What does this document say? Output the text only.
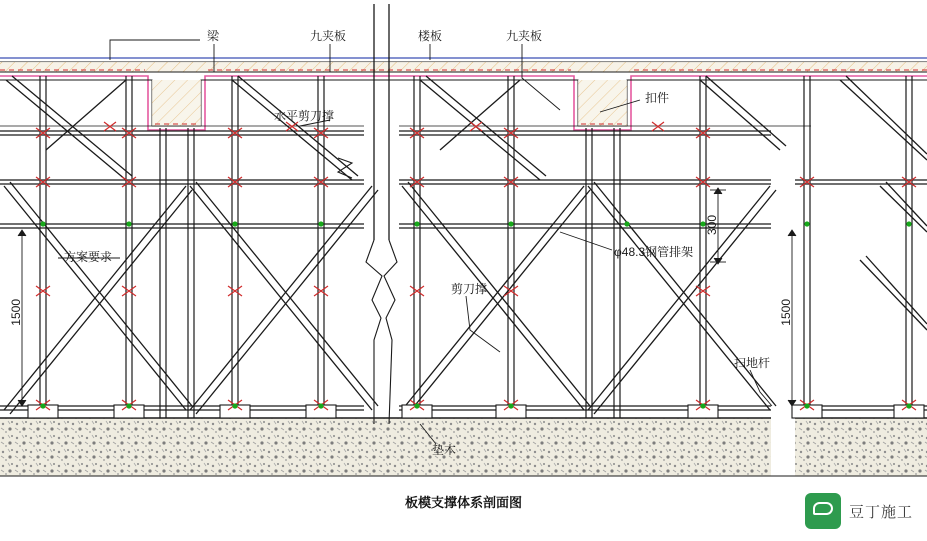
梁	九夹板	楼板	九夹板
水平剪刀撑
扣件
方案要求	φ48.3钢管排架
剪刀撑
扫地杆
垫木
1500	1500
300
板模支撑体系剖面图
豆丁施工
